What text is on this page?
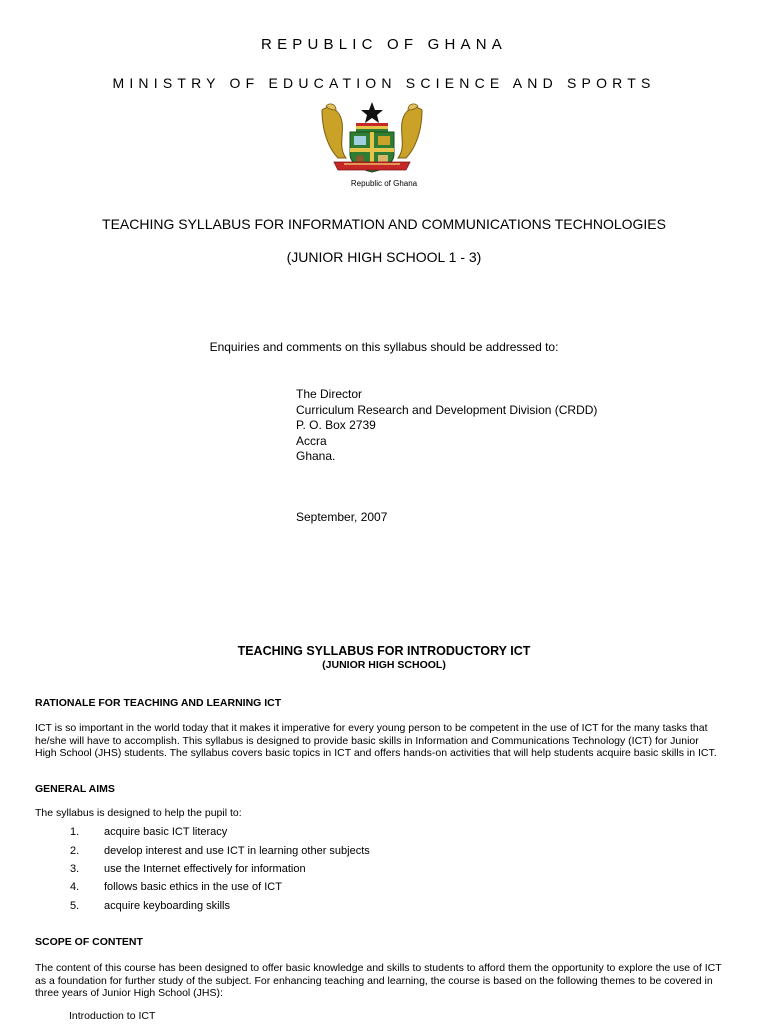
REPUBLIC OF GHANA
MINISTRY OF EDUCATION SCIENCE AND SPORTS
Republic of Ghana
TEACHING SYLLABUS FOR INFORMATION AND COMMUNICATIONS TECHNOLOGIES
(JUNIOR HIGH SCHOOL 1 - 3)
Enquiries and comments on this syllabus should be addressed to:
The Director
Curriculum Research and Development Division (CRDD)
P. O. Box 2739
Accra
Ghana.
September, 2007
TEACHING SYLLABUS FOR INTRODUCTORY ICT
(JUNIOR HIGH SCHOOL)
RATIONALE FOR TEACHING AND LEARNING ICT
ICT is so important in the world today that it makes it imperative for every young person to be competent in the use of ICT for the many tasks that
he/she will have to accomplish. This syllabus is designed to provide basic skills in Information and Communications Technology (ICT) for Junior
High School (JHS) students. The syllabus covers basic topics in ICT and offers hands-on activities that will help students acquire basic skills in ICT.
GENERAL AIMS
The syllabus is designed to help the pupil to:
1. acquire basic ICT literacy
2. develop interest and use ICT in learning other subjects
3. use the Internet effectively for information
4. follows basic ethics in the use of ICT
5. acquire keyboarding skills
SCOPE OF CONTENT
The content of this course has been designed to offer basic knowledge and skills to students to afford them the opportunity to explore the use of ICT
as a foundation for further study of the subject. For enhancing teaching and learning, the course is based on the following themes to be covered in
three years of Junior High School (JHS):
Introduction to ICT
